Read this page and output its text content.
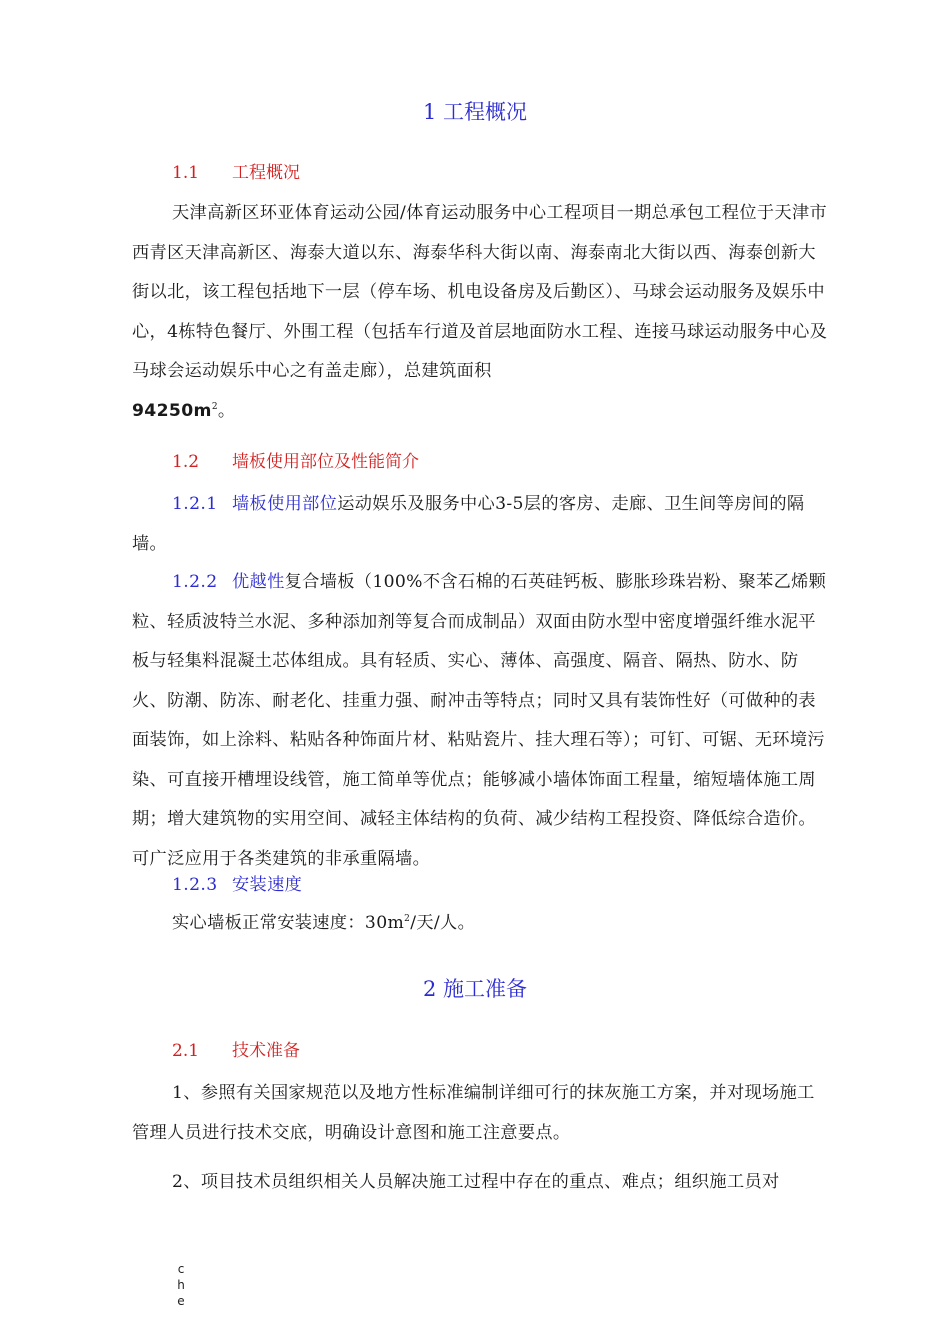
1 工程概况
1.1 工程概况
天津高新区环亚体育运动公园/体育运动服务中心工程项目一期总承包工程位于天津市西青区天津高新区、海泰大道以东、海泰华科大街以南、海泰南北大街以西、海泰创新大街以北，该工程包括地下一层（停车场、机电设备房及后勤区）、马球会运动服务及娱乐中心，4栋特色餐厅、外围工程（包括车行道及首层地面防水工程、连接马球运动服务中心及马球会运动娱乐中心之有盖走廊），总建筑面积
$94250m^2$。
1.2 墙板使用部位及性能简介
1.2.1 墙板使用部位运动娱乐及服务中心3-5层的客房、走廊、卫生间等房间的隔墙。
1.2.2 优越性复合墙板（100%不含石棉的石英硅钙板、膨胀珍珠岩粉、聚苯乙烯颗粒、轻质波特兰水泥、多种添加剂等复合而成制品）双面由防水型中密度增强纤维水泥平板与轻集料混凝土芯体组成。具有轻质、实心、薄体、高强度、隔音、隔热、防水、防火、防潮、防冻、耐老化、挂重力强、耐冲击等特点；同时又具有装饰性好（可做种的表面装饰，如上涂料、粘贴各种饰面片材、粘贴瓷片、挂大理石等）；可钉、可锯、无环境污染、可直接开槽埋设线管，施工简单等优点；能够减小墙体饰面工程量，缩短墙体施工周期；增大建筑物的实用空间、减轻主体结构的负荷、减少结构工程投资、降低综合造价。可广泛应用于各类建筑的非承重隔墙。
1.2.3 安装速度
实心墙板正常安装速度：$30m^2/$天/人。
2 施工准备
2.1 技术准备
1、参照有关国家规范以及地方性标准编制详细可行的抹灰施工方案，并对现场施工管理人员进行技术交底，明确设计意图和施工注意要点。
2、项目技术员组织相关人员解决施工过程中存在的重点、难点；组织施工员对
c
h
e
